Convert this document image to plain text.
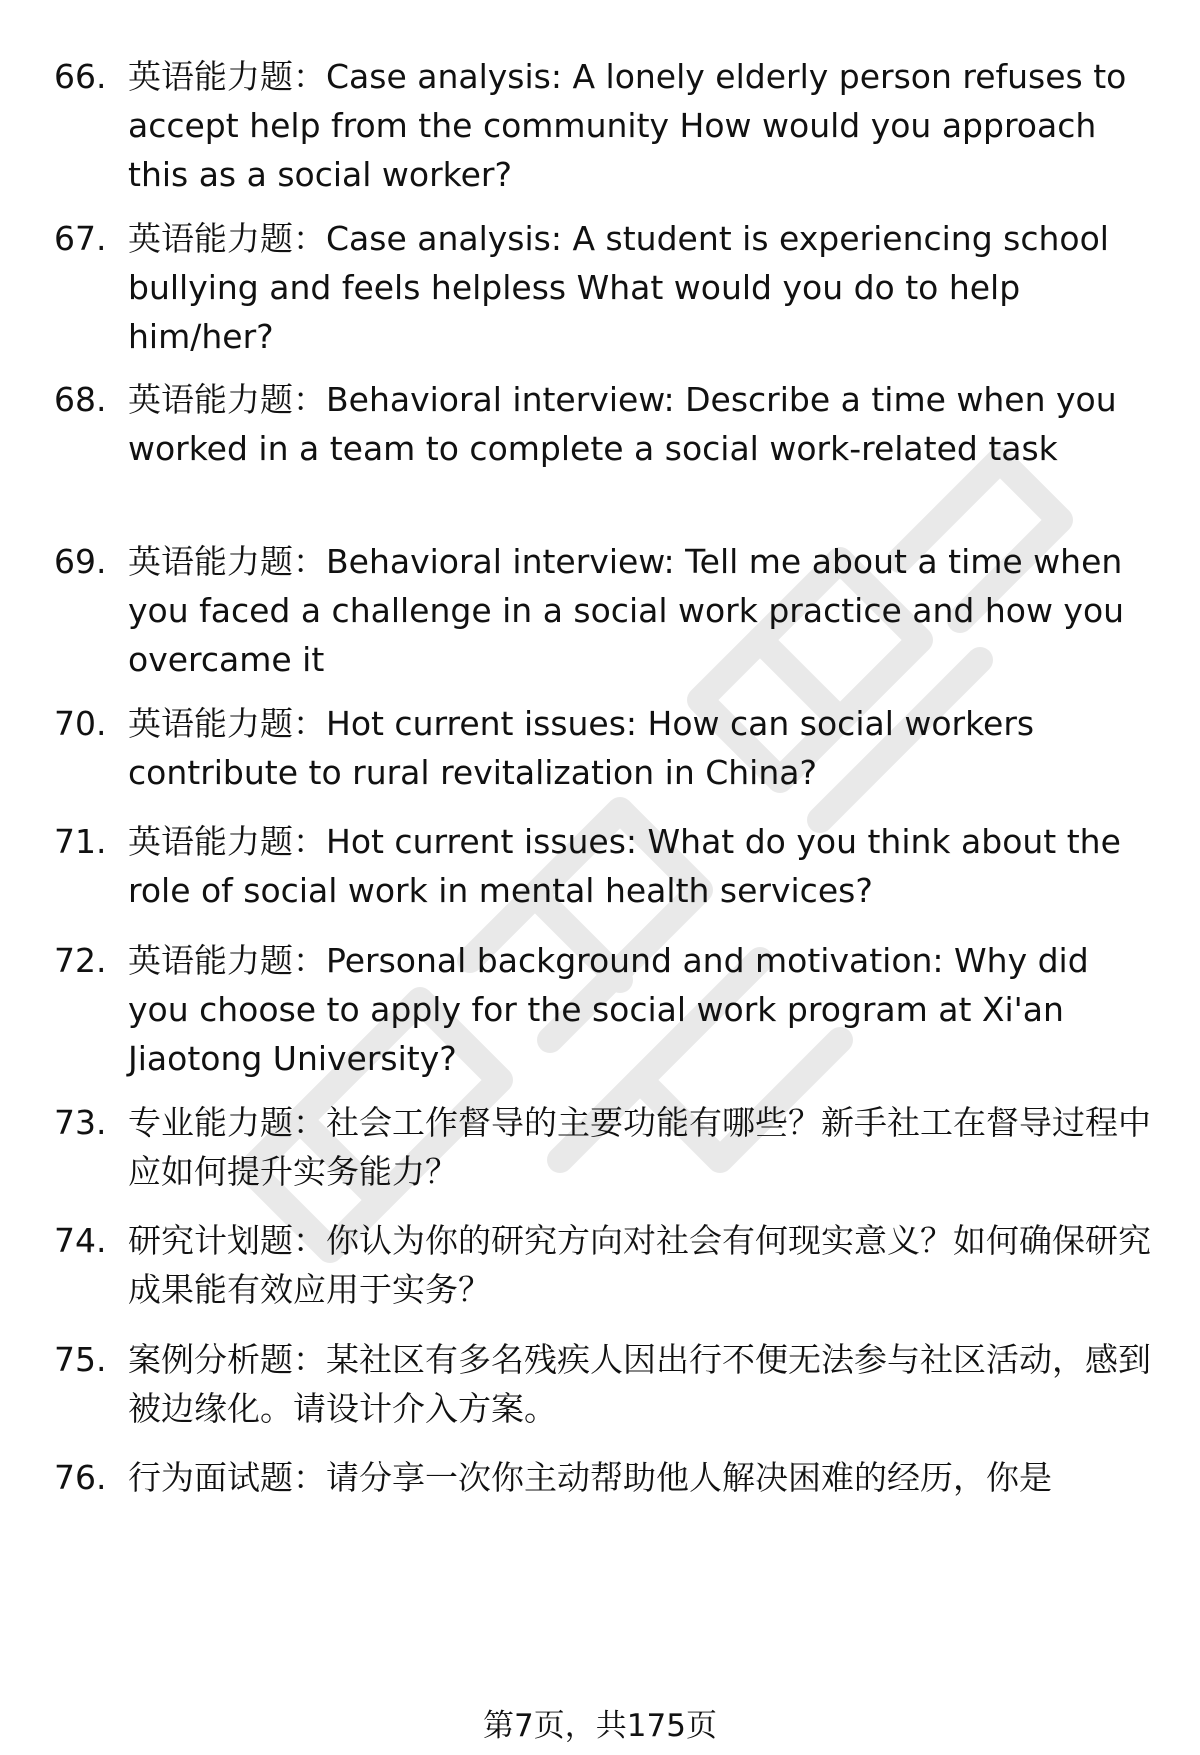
66. 英语能力题：Case analysis: A lonely elderly person refuses to accept help from the community How would you approach this as a social worker?
67. 英语能力题：Case analysis: A student is experiencing school bullying and feels helpless What would you do to help him/her?
68. 英语能力题：Behavioral interview: Describe a time when you worked in a team to complete a social work-related task
69. 英语能力题：Behavioral interview: Tell me about a time when you faced a challenge in a social work practice and how you overcame it
70. 英语能力题：Hot current issues: How can social workers contribute to rural revitalization in China?
71. 英语能力题：Hot current issues: What do you think about the role of social work in mental health services?
72. 英语能力题：Personal background and motivation: Why did you choose to apply for the social work program at Xi'an Jiaotong University?
73. 专业能力题：社会工作督导的主要功能有哪些？新手社工在督导过程中应如何提升实务能力？
74. 研究计划题：你认为你的研究方向对社会有何现实意义？如何确保研究成果能有效应用于实务？
75. 案例分析题：某社区有多名残疾人因出行不便无法参与社区活动，感到被边缘化。请设计介入方案。
76. 行为面试题：请分享一次你主动帮助他人解决困难的经历，你是
第7页，共175页
